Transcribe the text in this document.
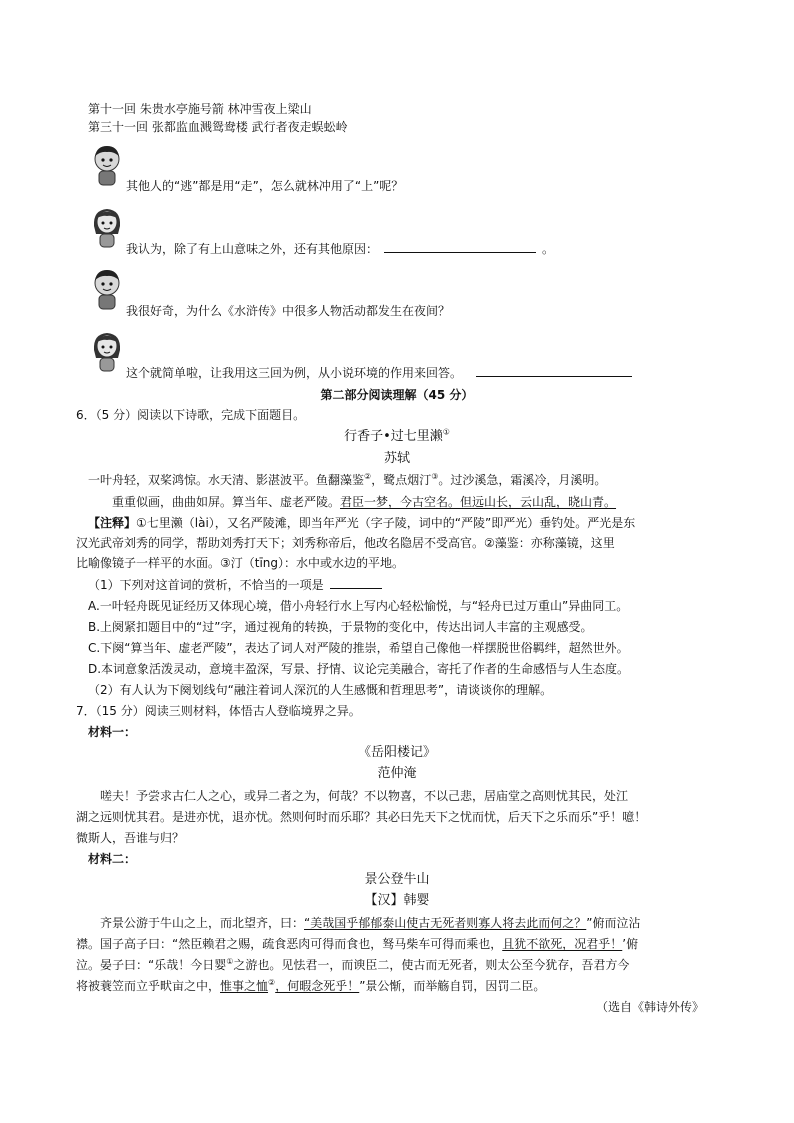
第十一回 朱贵水亭施号箭 林冲雪夜上梁山
第三十一回 张都监血溅鸳鸯楼 武行者夜走蜈蚣岭
其他人的“逃”都是用“走”，怎么就林冲用了“上”呢？
我认为，除了有上山意味之外，还有其他原因：	。
我很好奇，为什么《水浒传》中很多人物活动都发生在夜间？
这个就简单啦，让我用这三回为例，从小说环境的作用来回答。
第二部分阅读理解（45 分）
6．（5 分）阅读以下诗歌，完成下面题目。
行香子•过七里濑①
苏轼
一叶舟轻，双桨鸿惊。水天清、影湛波平。鱼翻藻鉴②，鹭点烟汀③。过沙溪急，霜溪冷，月溪明。
重重似画，曲曲如屏。算当年、虚老严陵。君臣一梦，今古空名。但远山长，云山乱，晓山青。
【注释】①七里濑（lài），又名严陵滩，即当年严光（字子陵，词中的“严陵”即严光）垂钓处。严光是东
汉光武帝刘秀的同学，帮助刘秀打天下；刘秀称帝后，他改名隐居不受高官。②藻鉴：亦称藻镜，这里
比喻像镜子一样平的水面。③汀（tīng）：水中或水边的平地。
（1）下列对这首词的赏析，不恰当的一项是
A.一叶轻舟既见证经历又体现心境，借小舟轻行水上写内心轻松愉悦，与“轻舟已过万重山”异曲同工。
B.上阕紧扣题目中的“过”字，通过视角的转换，于景物的变化中，传达出词人丰富的主观感受。
C.下阕“算当年、虚老严陵”，表达了词人对严陵的推崇，希望自己像他一样摆脱世俗羁绊，超然世外。
D.本词意象活泼灵动，意境丰盈深，写景、抒情、议论完美融合，寄托了作者的生命感悟与人生态度。
（2）有人认为下阕划线句“融注着词人深沉的人生感慨和哲理思考”，请谈谈你的理解。
7．（15 分）阅读三则材料，体悟古人登临境界之异。
材料一：
《岳阳楼记》
范仲淹
嗟夫！予尝求古仁人之心，或异二者之为，何哉？不以物喜，不以己悲，居庙堂之高则忧其民，处江
湖之远则忧其君。是进亦忧，退亦忧。然则何时而乐耶？其必曰先天下之忧而忧，后天下之乐而乐”乎！噫！
微斯人，吾谁与归？
材料二：
景公登牛山
【汉】韩婴
齐景公游于牛山之上，而北望齐，曰：“美哉国乎郁郁泰山使古无死者则寡人将去此而何之？”俯而泣沾
襟。国子高子曰：“然臣赖君之赐，疏食恶肉可得而食也，驽马柴车可得而乘也，且犹不欲死，况君乎！’俯
泣。晏子曰：“乐哉！今日婴①之游也。见怯君一，而谀臣二，使古而无死者，则太公至今犹存，吾君方今
将被蓑笠而立乎畎亩之中，惟事之恤②，何暇念死乎！”景公惭，而举觞自罚，因罚二臣。
（选自《韩诗外传》
